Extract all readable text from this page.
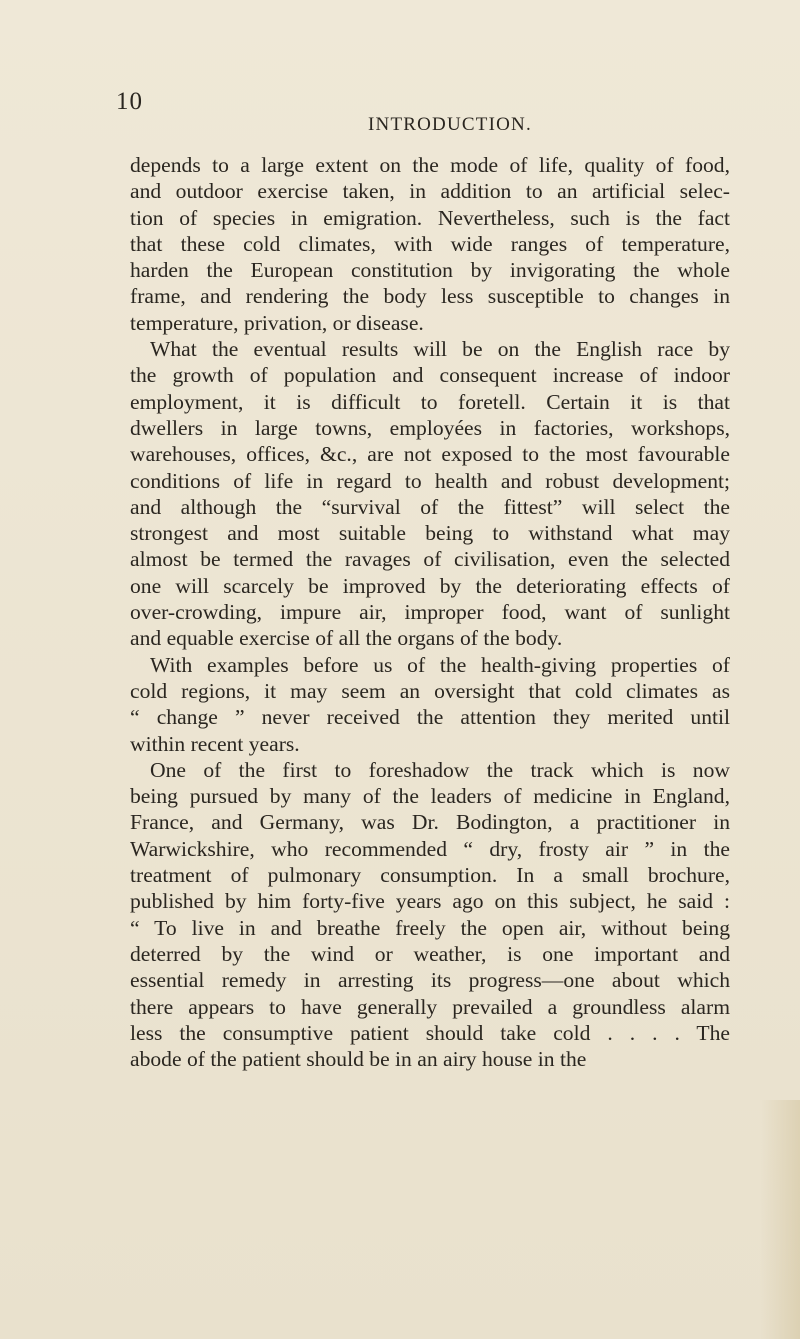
10
INTRODUCTION.
depends to a large extent on the mode of life, quality of food,
and outdoor exercise taken, in addition to an artificial selec-
tion of species in emigration. Nevertheless, such is the fact
that these cold climates, with wide ranges of temperature,
harden the European constitution by invigorating the whole
frame, and rendering the body less susceptible to changes in
temperature, privation, or disease.
What the eventual results will be on the English race by
the growth of population and consequent increase of indoor
employment, it is difficult to foretell. Certain it is that
dwellers in large towns, employées in factories, workshops,
warehouses, offices, &c., are not exposed to the most favourable
conditions of life in regard to health and robust development;
and although the “survival of the fittest” will select the
strongest and most suitable being to withstand what may
almost be termed the ravages of civilisation, even the selected
one will scarcely be improved by the deteriorating effects of
over-crowding, impure air, improper food, want of sunlight
and equable exercise of all the organs of the body.
With examples before us of the health-giving properties of
cold regions, it may seem an oversight that cold climates as
“ change ” never received the attention they merited until
within recent years.
One of the first to foreshadow the track which is now
being pursued by many of the leaders of medicine in England,
France, and Germany, was Dr. Bodington, a practitioner in
Warwickshire, who recommended “ dry, frosty air ” in the
treatment of pulmonary consumption. In a small brochure,
published by him forty-five years ago on this subject, he said :
“ To live in and breathe freely the open air, without being
deterred by the wind or weather, is one important and
essential remedy in arresting its progress—one about which
there appears to have generally prevailed a groundless alarm
less the consumptive patient should take cold . . . . The
abode of the patient should be in an airy house in the
